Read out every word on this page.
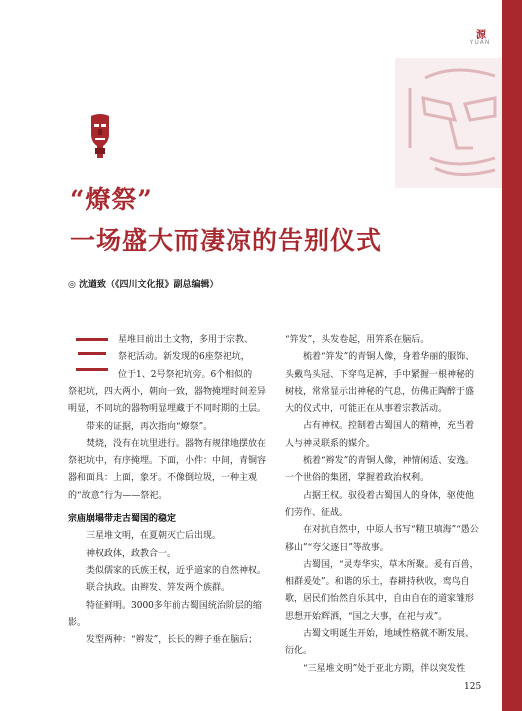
源
YUAN
“燎祭”
一场盛大而凄凉的告别仪式
◎ 沈遒致（《四川文化报》副总编辑）
星堆目前出土文物，多用于宗教、
祭祀活动。新发现的6座祭祀坑，
位于1、2号祭祀坑旁。6个相似的

祭祀坑，四大两小，朝向一致，器物掩埋时间差异明显，不同坑的器物明显埋藏于不同时期的土层。

带来的证据，再次指向“燎祭”。

焚烧，没有在坑里进行。器物有规律地摆放在祭祀坑中，有序掩埋。下面，小件：中间，青铜容器和面具：上面，象牙。不像倒垃圾，一种主观的“故意”行为——祭祀。

宗庙崩塌带走古蜀国的稳定

三星堆文明，在夏朝灭亡后出现。

神权政体，政教合一。

类似儒家的氏族王权，近乎道家的自然神权。

联合执政。由辫发、笄发两个族群。

特征鲜明。3000多年前古蜀国统治阶层的缩影。

发型两种：“辫发”，长长的辫子垂在脑后；

“笄发”，头发卷起，用笄系在脑后。

梳着“笄发”的青铜人像，身着华丽的服饰、头戴鸟头冠、下穿鸟足裤，手中紧握一根神秘的树枝，常常显示出神秘的气息，仿佛正陶醉于盛大的仪式中，可能正在从事着宗教活动。

占有神权。控制着古蜀国人的精神，充当着人与神灵联系的媒介。

梳着“辫发”的青铜人像，神情闲适、安逸。一个世俗的集团，掌握着政治权利。

占据王权。驭役着古蜀国人的身体，驱使他们劳作、征战。

在对抗自然中，中原人书写“精卫填海”“愚公移山”“夸父逐日”等故事。

古蜀国，“灵寿华实，草木所聚。爰有百兽，相群爰处”。和谐的乐土，春耕持秋收，鸾鸟自歌，居民们怡然自乐其中，自由自在的道家雏形思想开始辉洒，“国之大事，在祀与戎”。

古蜀文明诞生开始，地域性格就不断发展、衍化。

“三星堆文明”处于亚北方期，伴以突发性

125
